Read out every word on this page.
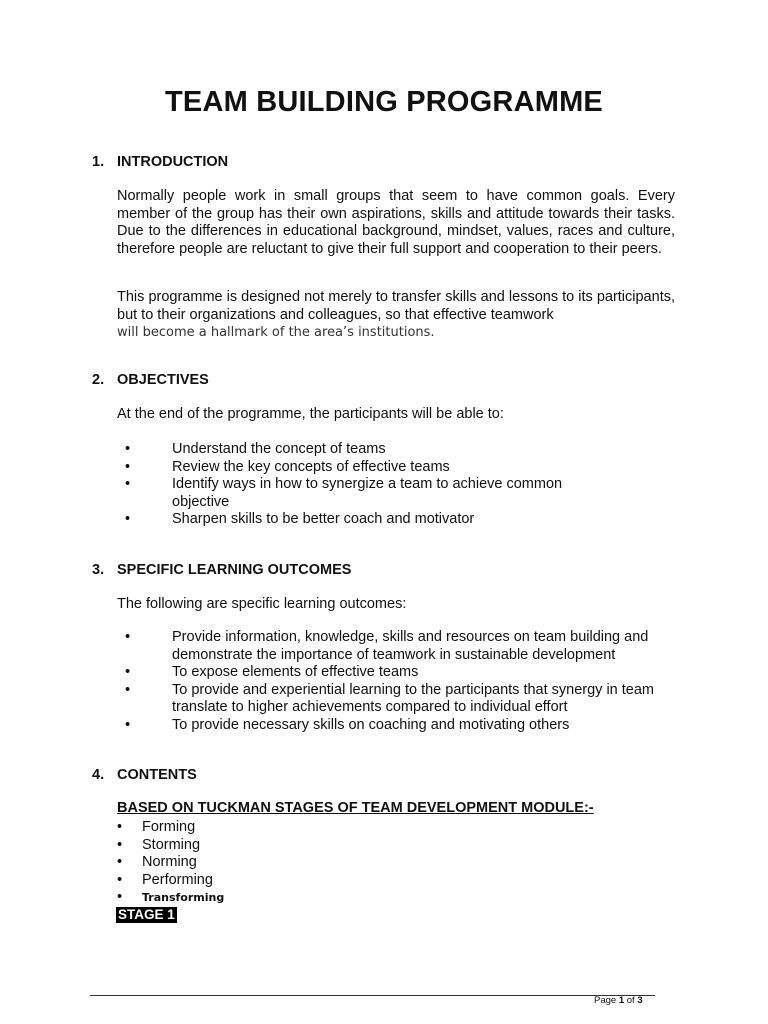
TEAM BUILDING PROGRAMME
1. INTRODUCTION
Normally people work in small groups that seem to have common goals. Every member of the group has their own aspirations, skills and attitude towards their tasks. Due to the differences in educational background, mindset, values, races and culture, therefore people are reluctant to give their full support and cooperation to their peers.
This programme is designed not merely to transfer skills and lessons to its participants, but to their organizations and colleagues, so that effective teamwork
will become a hallmark of the area’s institutions.
2. OBJECTIVES
At the end of the programme, the participants will be able to:
•	Understand the concept of teams
•	Review the key concepts of effective teams
•	Identify ways in how to synergize a team to achieve common objective
•	Sharpen skills to be better coach and motivator
3. SPECIFIC LEARNING OUTCOMES
The following are specific learning outcomes:
•	Provide information, knowledge, skills and resources on team building and demonstrate the importance of teamwork in sustainable development
•	To expose elements of effective teams
•	To provide and experiential learning to the participants that synergy in team translate to higher achievements compared to individual effort
•	To provide necessary skills on coaching and motivating others
4. CONTENTS
BASED ON TUCKMAN STAGES OF TEAM DEVELOPMENT MODULE:-
• Forming
• Storming
• Norming
• Performing
• Transforming
STAGE 1
Page 1 of 3
